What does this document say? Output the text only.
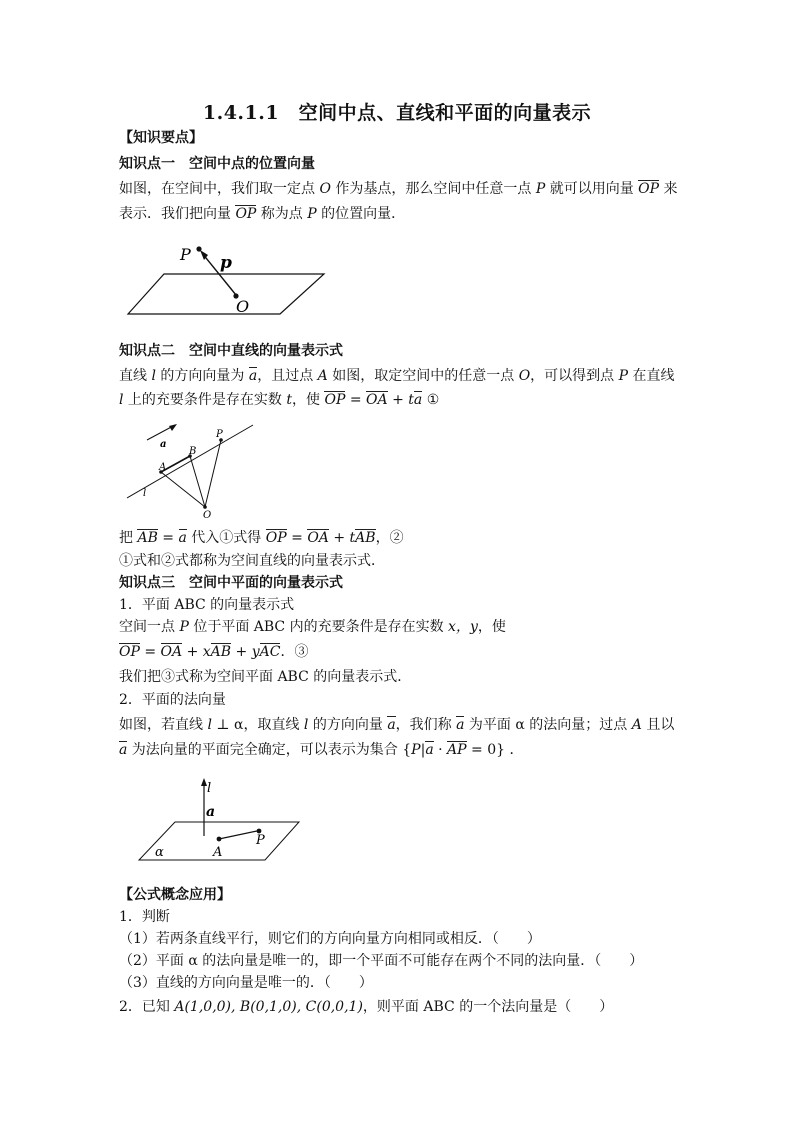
1.4.1.1　空间中点、直线和平面的向量表示
【知识要点】
知识点一　空间中点的位置向量
如图，在空间中，我们取一定点 O 作为基点，那么空间中任意一点 P 就可以用向量 OP 来
表示．我们把向量 OP 称为点 P 的位置向量．
P p
O
知识点二　空间中直线的向量表示式
直线 l 的方向向量为 a，且过点 A 如图，取定空间中的任意一点 O，可以得到点 P 在直线
l 上的充要条件是存在实数 t，使 OP = OA + ta ①
a
P
B
A
l
O
把 AB = a 代入①式得 OP = OA + tAB，②
①式和②式都称为空间直线的向量表示式．
知识点三　空间中平面的向量表示式
1．平面 ABC 的向量表示式
空间一点 P 位于平面 ABC 内的充要条件是存在实数 x，y，使
OP = OA + xAB + yAC．③
我们把③式称为空间平面 ABC 的向量表示式．
2．平面的法向量
如图，若直线 l ⊥ α，取直线 l 的方向向量 a，我们称 a 为平面 α 的法向量；过点 A 且以
a 为法向量的平面完全确定，可以表示为集合 {P|a · AP = 0} ．
l
a
α	A
P
【公式概念应用】
1．判断
（1）若两条直线平行，则它们的方向向量方向相同或相反．（　　）
（2）平面 α 的法向量是唯一的，即一个平面不可能存在两个不同的法向量．（　　）
（3）直线的方向向量是唯一的．（　　）
2．已知 A(1,0,0), B(0,1,0), C(0,0,1)，则平面 ABC 的一个法向量是（　　）
